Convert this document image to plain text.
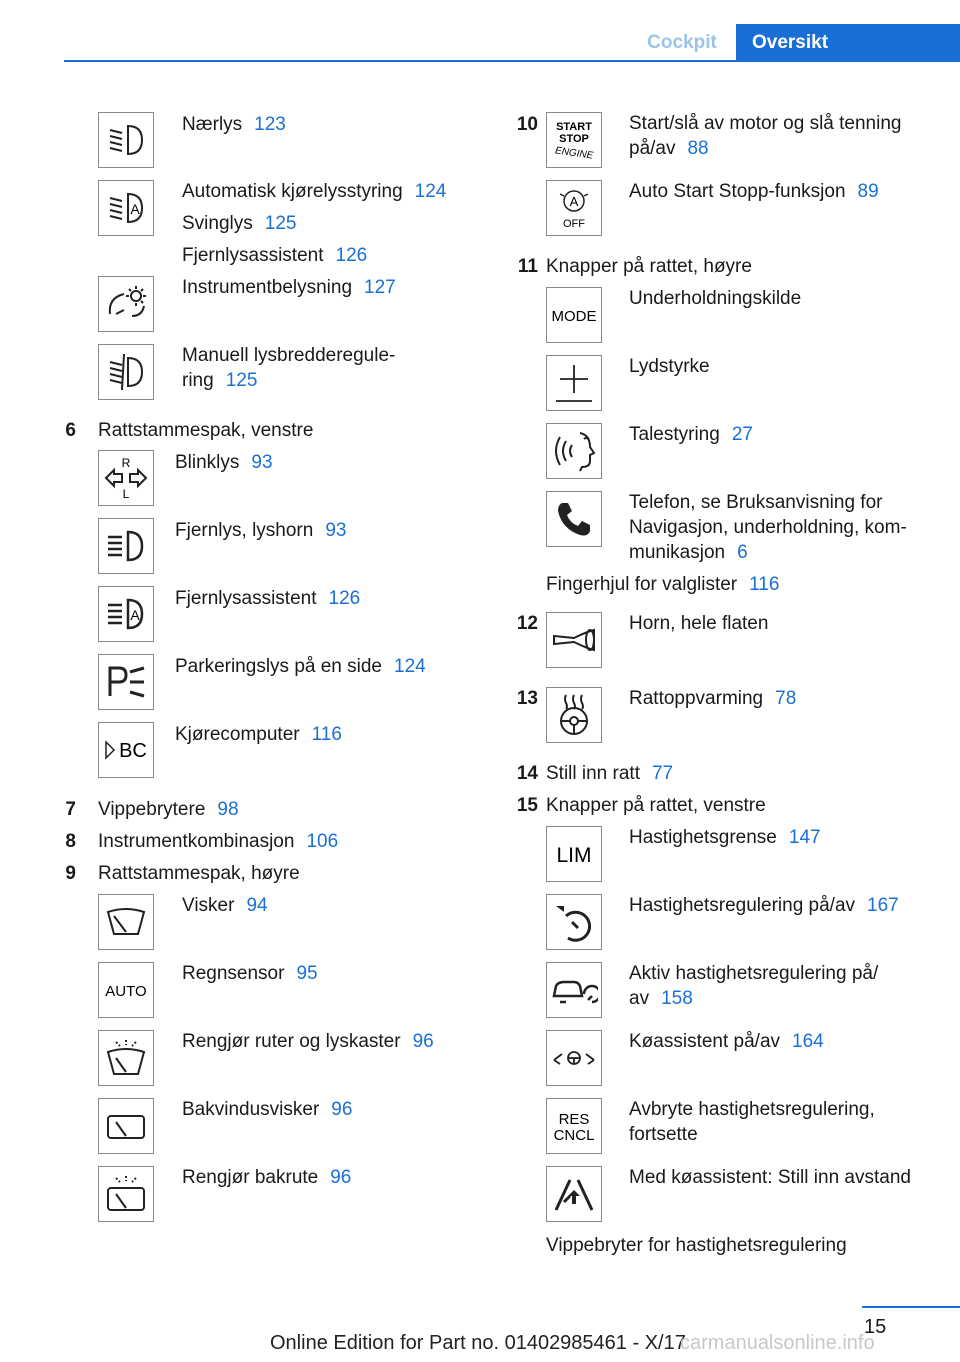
Cockpit	Oversikt
Nærlys 123
A
Automatisk kjørelysstyring 124
Svinglys 125
Fjernlysassistent 126
Instrumentbelysning 127
Manuell lysbredderegule-
ring 125
6 Rattstammespak, venstre
R
L
Blinklys 93
Fjernlys, lyshorn 93
A
Fjernlysassistent 126
Parkeringslys på en side 124
BC
Kjørecomputer 116
7 Vippebrytere 98
8 Instrumentkombinasjon 106
9 Rattstammespak, høyre
Visker 94
AUTO
Regnsensor 95
Rengjør ruter og lyskaster 96
Bakvindusvisker 96
Rengjør bakrute 96
10 START
STOP
ENGINE
Start/slå av motor og slå tenning
på/av 88
A
OFF
Auto Start Stopp-funksjon 89
11 Knapper på rattet, høyre
MODE
Underholdningskilde
Lydstyrke
Talestyring 27
Telefon, se Bruksanvisning for
Navigasjon, underholdning, kom-
munikasjon 6
Fingerhjul for valglister 116
12	Horn, hele flaten
13	Rattoppvarming 78
14 Still inn ratt 77
15 Knapper på rattet, venstre
LIM
Hastighetsgrense 147
Hastighetsregulering på/av 167
Aktiv hastighetsregulering på/
av 158
Køassistent på/av 164
RES
CNCL
Avbryte hastighetsregulering,
fortsette
Med køassistent: Still inn avstand
Vippebryter for hastighetsregulering
15
Online Edition for Part no. 01402985461 - X/17
carmanualsonline.info
